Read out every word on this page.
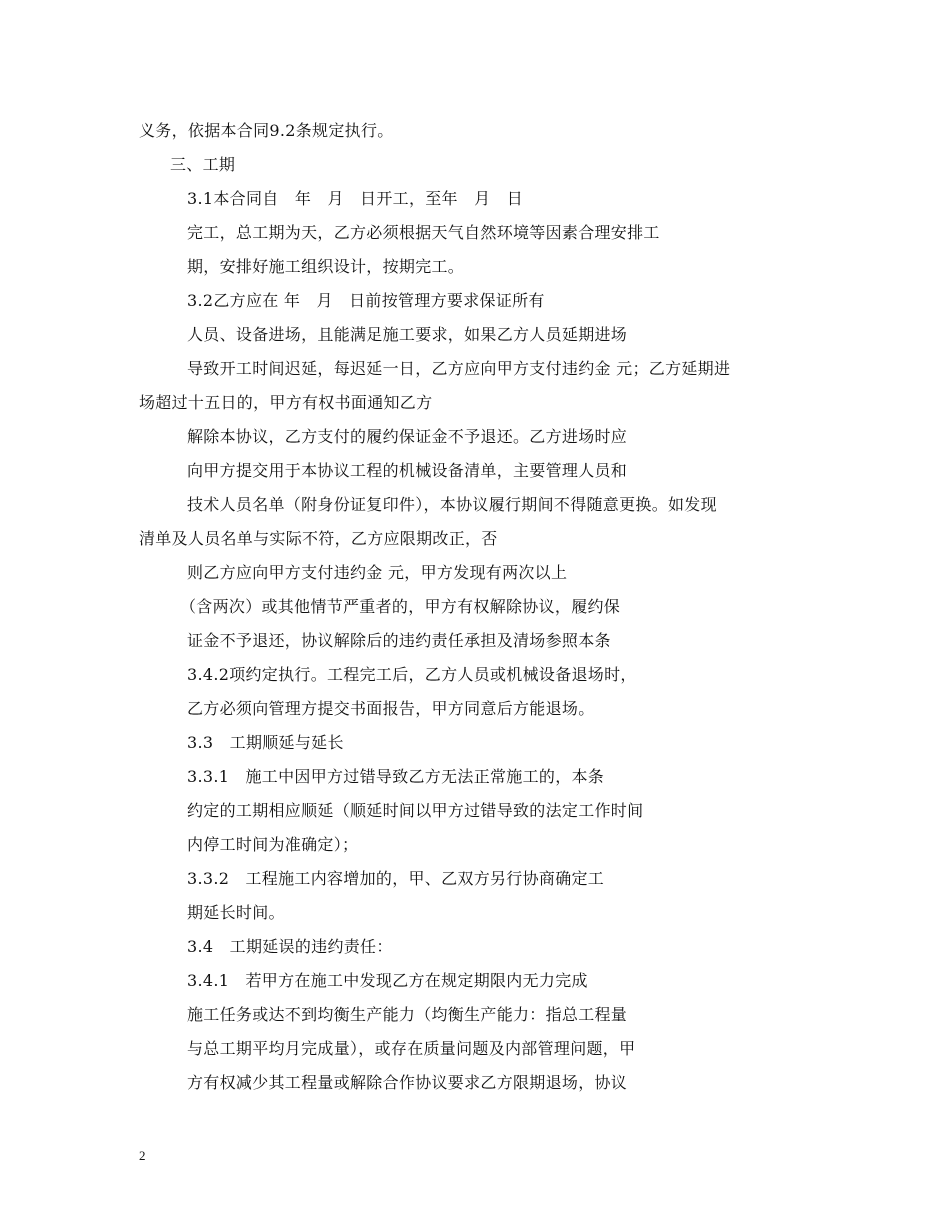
义务，依据本合同9.2条规定执行。
三、工期
3.1本合同自　年　月　日开工，至年　月　日
完工，总工期为天，乙方必须根据天气自然环境等因素合理安排工
期，安排好施工组织设计，按期完工。
3.2乙方应在 年　月　日前按管理方要求保证所有
人员、设备进场，且能满足施工要求，如果乙方人员延期进场
导致开工时间迟延，每迟延一日，乙方应向甲方支付违约金 元；乙方延期进
场超过十五日的，甲方有权书面通知乙方
解除本协议，乙方支付的履约保证金不予退还。乙方进场时应
向甲方提交用于本协议工程的机械设备清单，主要管理人员和
技术人员名单（附身份证复印件），本协议履行期间不得随意更换。如发现
清单及人员名单与实际不符，乙方应限期改正，否
则乙方应向甲方支付违约金 元，甲方发现有两次以上
（含两次）或其他情节严重者的，甲方有权解除协议，履约保
证金不予退还，协议解除后的违约责任承担及清场参照本条
3.4.2项约定执行。工程完工后，乙方人员或机械设备退场时，
乙方必须向管理方提交书面报告，甲方同意后方能退场。
3.3　工期顺延与延长
3.3.1　施工中因甲方过错导致乙方无法正常施工的，本条
约定的工期相应顺延（顺延时间以甲方过错导致的法定工作时间
内停工时间为准确定）；
3.3.2　工程施工内容增加的，甲、乙双方另行协商确定工
期延长时间。
3.4　工期延误的违约责任：
3.4.1　若甲方在施工中发现乙方在规定期限内无力完成
施工任务或达不到均衡生产能力（均衡生产能力：指总工程量
与总工期平均月完成量），或存在质量问题及内部管理问题，甲
方有权减少其工程量或解除合作协议要求乙方限期退场，协议
2
